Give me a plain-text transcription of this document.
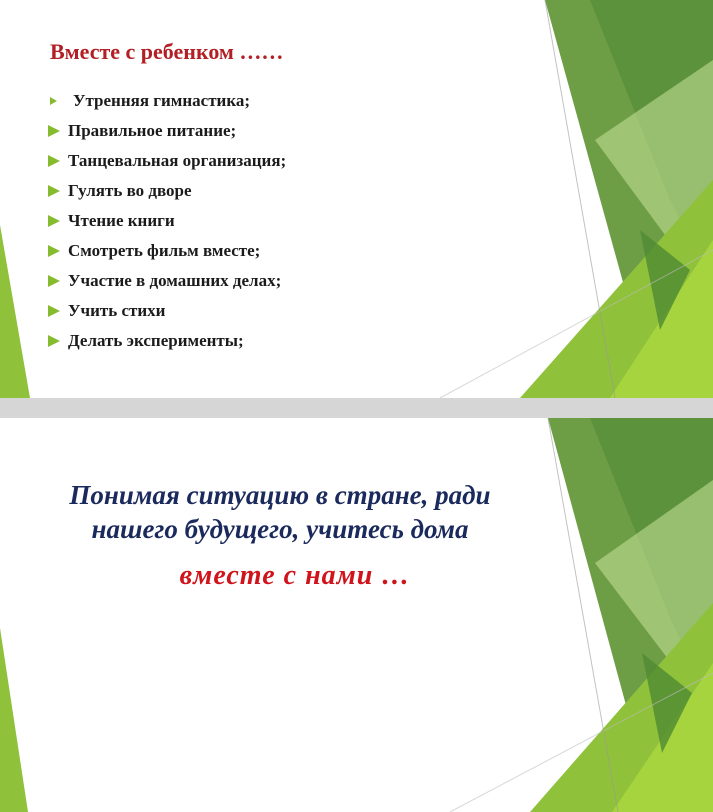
Вместе с ребенком ……
Утренняя гимнастика;
Правильное питание;
Танцевальная организация;
Гулять во дворе
Чтение книги
Смотреть фильм вместе;
Участие в домашних делах;
Учить стихи
Делать эксперименты;
Понимая ситуацию в стране, ради
нашего будущего, учитесь дома
вместе с нами …
